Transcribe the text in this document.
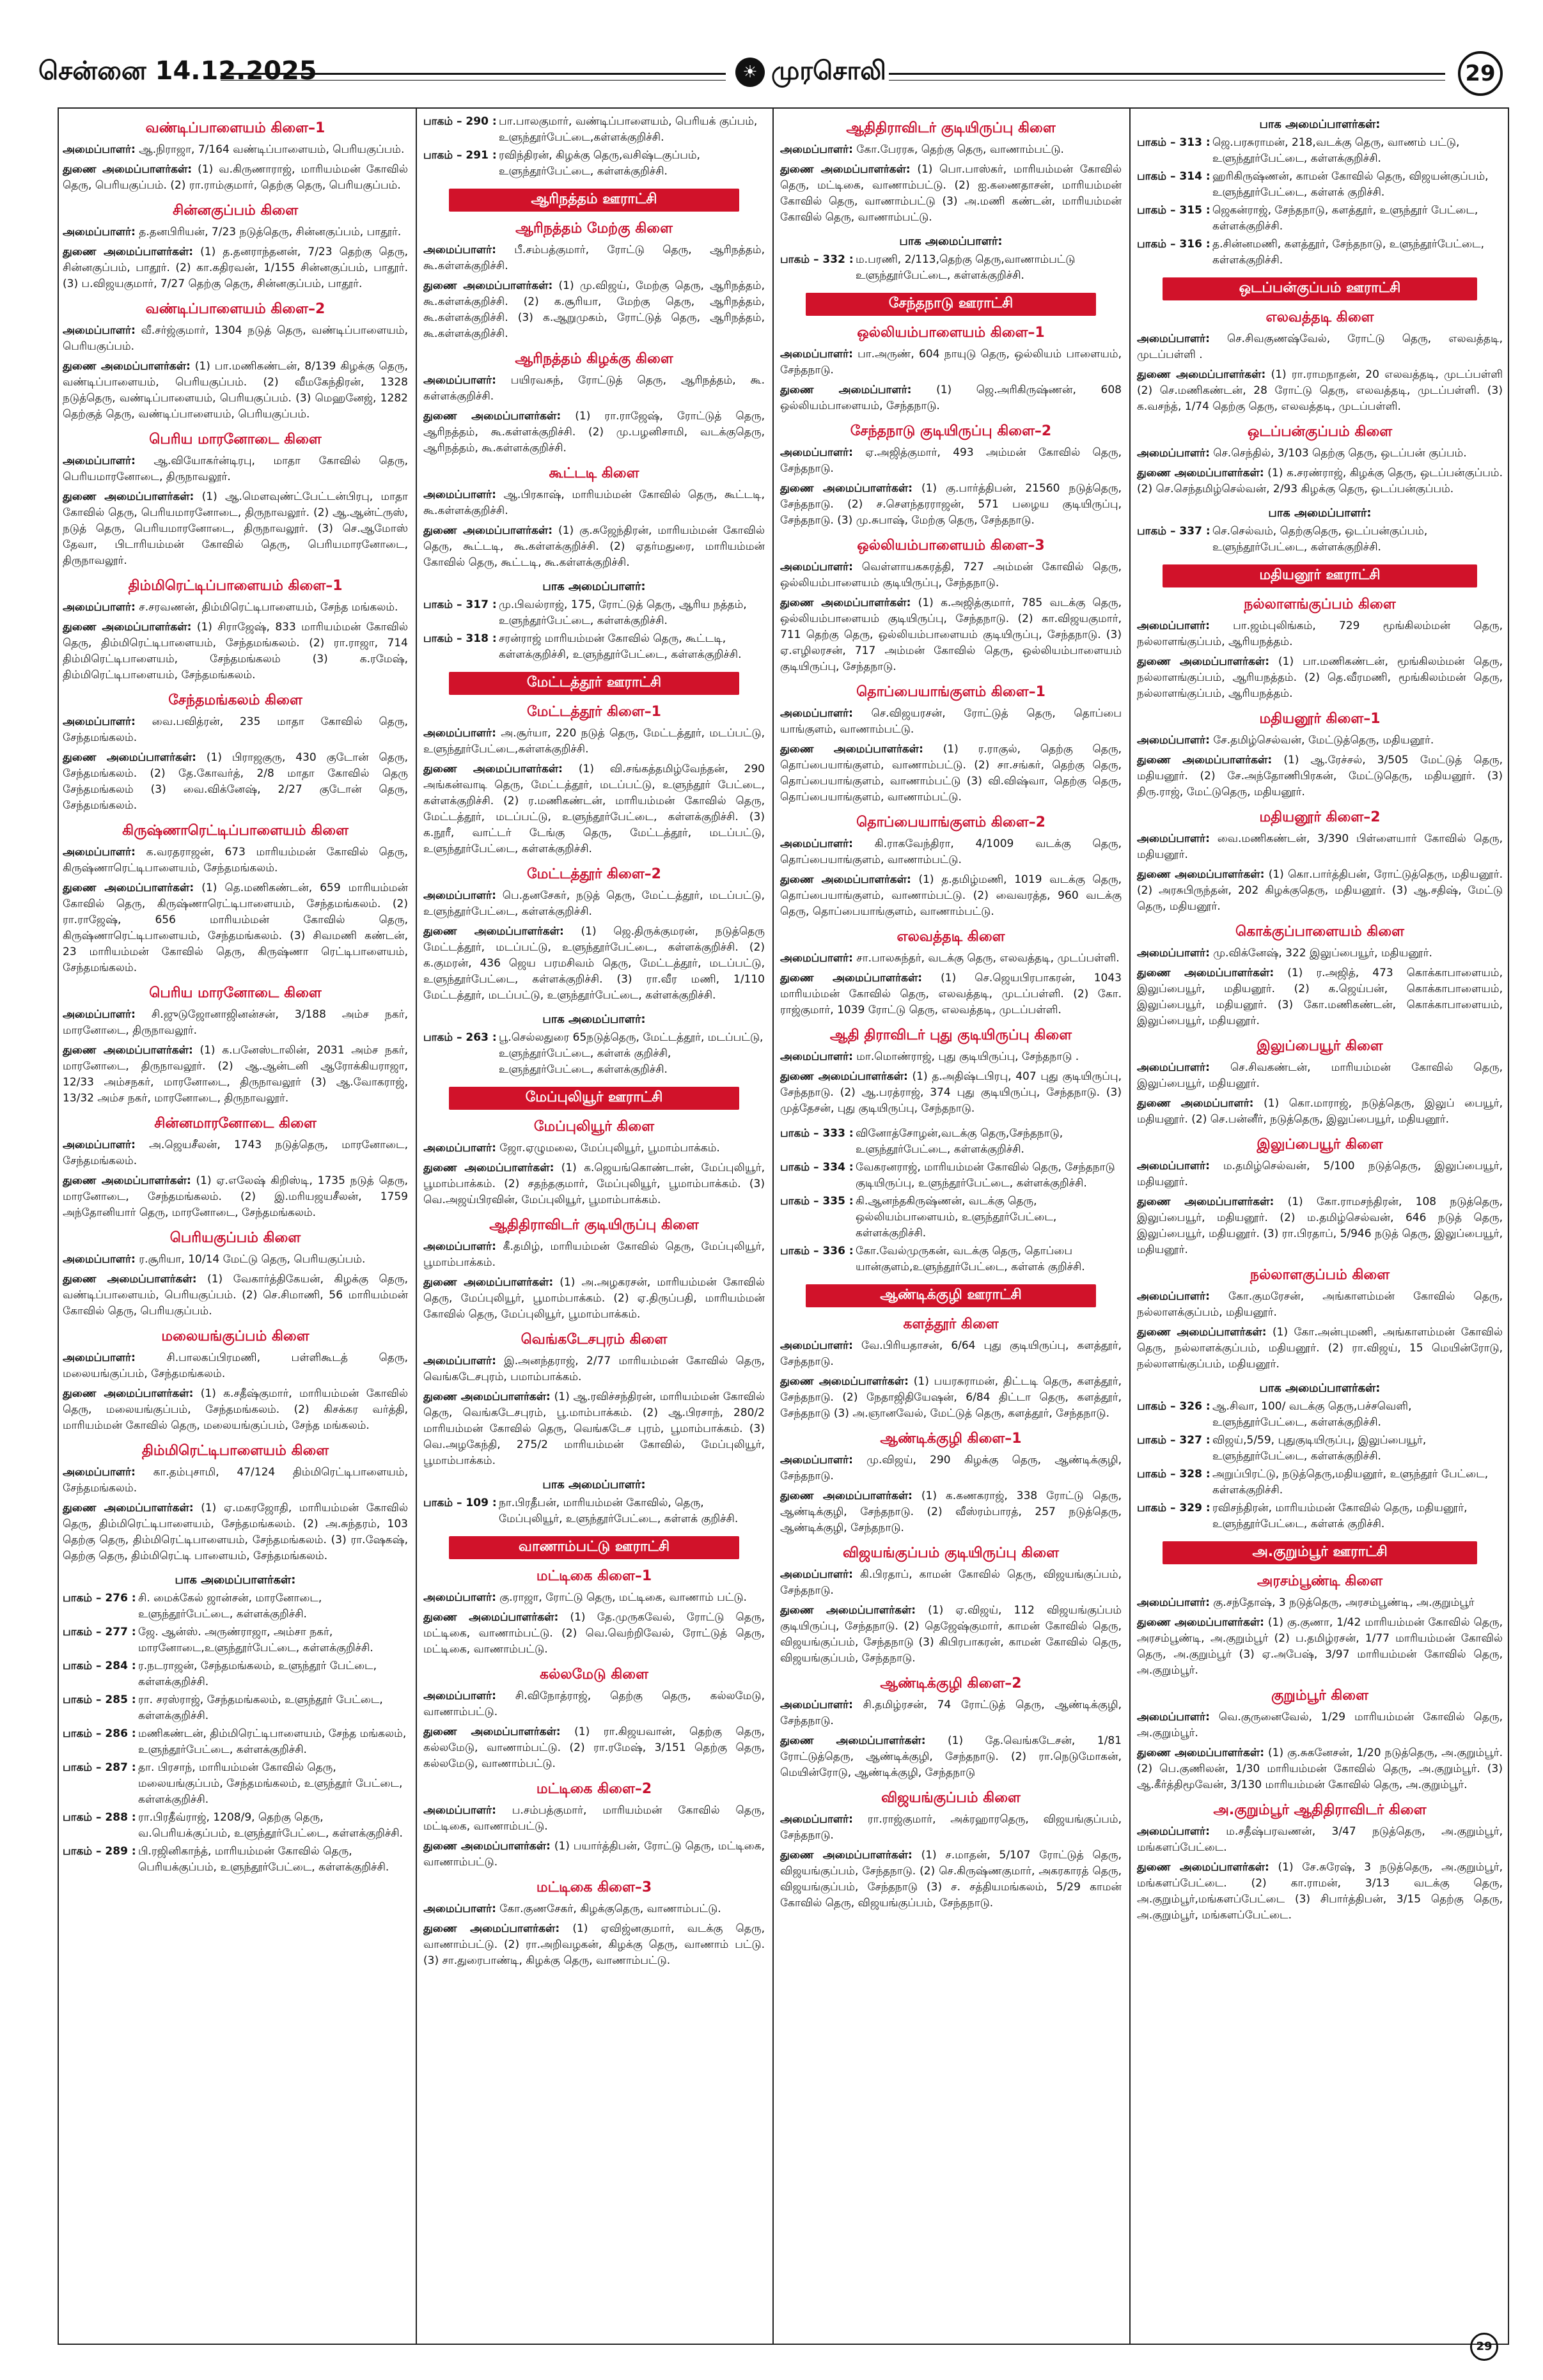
சென்னை 14.12.2025	☀ முரசொலி	29
வண்டிப்பாளையம் கிளை–1
அமைப்பாளர்: ஆ.நிராஜா, 7/164 வண்டிப்பாளையம், பெரியகுப்பம்.
துணை அமைப்பாளர்கள்: (1) வ.கிருணாராஜ், மாரியம்மன் கோவில் தெரு, பெரியகுப்பம். (2) ரா.ராம்குமார், தெற்கு தெரு, பெரியகுப்பம்.
சின்னகுப்பம் கிளை
அமைப்பாளர்: த.தனபிரியன், 7/23 நடுத்தெரு, சின்னகுப்பம், பாதூர்.
துணை அமைப்பாளர்கள்: (1) த.தனராந்தனன், 7/23 தெற்கு தெரு, சின்னகுப்பம், பாதூர். (2) கா.கதிரவன், 1/155 சின்னகுப்பம், பாதூர். (3) ப.விஜயகுமார், 7/27 தெற்கு தெரு, சின்னகுப்பம், பாதூர்.
வண்டிப்பாளையம் கிளை–2
அமைப்பாளர்: வீ.சர்ஜ்குமார், 1304 நடுத் தெரு, வண்டிப்பாளையம், பெரியகுப்பம்.
துணை அமைப்பாளர்கள்: (1) பா.மணிகண்டன், 8/139 கிழக்கு தெரு, வண்டிப்பாளையம், பெரியகுப்பம். (2) வீமகேந்திரன், 1328 நடுத்தெரு, வண்டிப்பாளையம், பெரியகுப்பம். (3) மெஹனேஜ், 1282 தெற்குத் தெரு, வண்டிப்பாளையம், பெரியகுப்பம்.
பெரிய மாரனோடை கிளை
அமைப்பாளர்: ஆ.வியோகர்ன்டிரபு, மாதா கோவில் தெரு, பெரியமாரனோடை, திருநாவலூர்.
துணை அமைப்பாளர்கள்: (1) ஆ.மெளவுண்ட்பேட்டன்பிரபு, மாதா கோவில் தெரு, பெரியமாரனோடை, திருநாவலூர். (2) ஆ.ஆன்ட்ருஸ், நடுத் தெரு, பெரியமாரனோடை, திருநாவலூர். (3) செ.ஆமோஸ் தேவா, பிடாரியம்மன் கோவில் தெரு, பெரியமாரனோடை, திருநாவலூர்.
திம்மிரெட்டிப்பாளையம் கிளை–1
அமைப்பாளர்: ச.சரவணன், திம்மிரெட்டிபாளையம், சேந்த மங்கலம்.
துணை அமைப்பாளர்கள்: (1) சிராஜேஷ், 833 மாரியம்மன் கோவில் தெரு, திம்மிரெட்டிபாளையம், சேந்தமங்கலம். (2) ரா.ராஜா, 714 திம்மிரெட்டிபாளையம், சேந்தமங்கலம் (3) க.ரமேஷ், திம்மிரெட்டிபாளையம், சேந்தமங்கலம்.
சேந்தமங்கலம் கிளை
அமைப்பாளர்: வை.பவித்ரன், 235 மாதா கோவில் தெரு, சேந்தமங்கலம்.
துணை அமைப்பாளர்கள்: (1) பிராஜகுரு, 430 குடோன் தெரு, சேந்தமங்கலம். (2) தே.கோவர்த், 2/8 மாதா கோவில் தெரு சேந்தமங்கலம் (3) வை.விக்னேஷ், 2/27 குடோன் தெரு, சேந்தமங்கலம்.
கிருஷ்ணாரெட்டிப்பாளையம் கிளை
அமைப்பாளர்: க.வரதராஜன், 673 மாரியம்மன் கோவில் தெரு, கிருஷ்ணாரெட்டிபாளையம், சேந்தமங்கலம்.
துணை அமைப்பாளர்கள்: (1) தெ.மணிகண்டன், 659 மாரியம்மன் கோவில் தெரு, கிருஷ்ணாரெட்டிபாளையம், சேந்தமங்கலம். (2) ரா.ராஜேஷ், 656 மாரியம்மன் கோவில் தெரு, கிருஷ்ணாரெட்டிபாளையம், சேந்தமங்கலம். (3) சிவமணி கண்டன், 23 மாரியம்மன் கோவில் தெரு, கிருஷ்ணா ரெட்டிபாளையம், சேந்தமங்கலம்.
பெரிய மாரனோடை கிளை
அமைப்பாளர்: சி.ஜுடுஜோனாஜினன்சன், 3/188 அம்ச நகர், மாரனோடை, திருநாவலூர்.
துணை அமைப்பாளர்கள்: (1) க.பனேஸ்டாலின், 2031 அம்ச நகர், மாரனோடை, திருநாவலூர். (2) ஆ.ஆன்டனி ஆரோக்கியராஜா, 12/33 அம்சநகர், மாரனோடை, திருநாவலூர் (3) ஆ.வோகராஜ், 13/32 அம்ச நகர், மாரனோடை, திருநாவலூர்.
சின்னமாரனோடை கிளை
அமைப்பாளர்: அ.ஜெயசீலன், 1743 நடுத்தெரு, மாரனோடை, சேந்தமங்கலம்.
துணை அமைப்பாளர்கள்: (1) ஏ.எலேஷ் கிறிஸ்டி, 1735 நடுத் தெரு, மாரனோடை, சேந்தமங்கலம். (2) இ.மரியஜயசீலன், 1759 அந்தோனியார் தெரு, மாரனோடை, சேந்தமங்கலம்.
பெரியகுப்பம் கிளை
அமைப்பாளர்: ர.சூரியா, 10/14 மேட்டு தெரு, பெரியகுப்பம்.
துணை அமைப்பாளர்கள்: (1) வேகார்த்திகேயன், கிழக்கு தெரு, வண்டிப்பாளையம், பெரியகுப்பம். (2) செ.சிமாணி, 56 மாரியம்மன் கோவில் தெரு, பெரியகுப்பம்.
மலையங்குப்பம் கிளை
அமைப்பாளர்:	சி.பாலகப்பிரமணி, பள்ளிகூடத் தெரு, மலையங்குப்பம், சேந்தமங்கலம்.
துணை அமைப்பாளர்கள்: (1) க.சதீஷ்குமார், மாரியம்மன் கோவில் தெரு, மலையங்குப்பம், சேந்தமங்கலம். (2) கிசக்கர வர்த்தி, மாரியம்மன் கோவில் தெரு, மலையங்குப்பம், சேந்த மங்கலம்.
திம்மிரெட்டிபாளையம் கிளை
அமைப்பாளர்: கா.தம்புசாமி, 47/124 திம்மிரெட்டிபாளையம், சேந்தமங்கலம்.
துணை அமைப்பாளர்கள்: (1) ஏ.மகரஜோதி, மாரியம்மன் கோவில் தெரு, திம்மிரெட்டிபாளையம், சேந்தமங்கலம். (2) அ.சுந்தரம், 103 தெற்கு தெரு, திம்மிரெட்டிபாளையம், சேந்தமங்கலம். (3) ரா.ஷேகஷ், தெற்கு தெரு, திம்மிரெட்டி பாளையம், சேந்தமங்கலம்.
பாக அமைப்பாளர்கள்:
பாகம் – 276 : சி. மைக்கேல் ஜான்சன், மாரனோடை, உளுந்தூர்பேட்டை, கள்ளக்குறிச்சி.
பாகம் – 277 : ஜே. ஆன்ஸ். அருண்ராஜா, அம்சா நகர், மாரனோடை,உளுந்தூர்பேட்டை, கள்ளக்குறிச்சி.
பாகம் – 284 : ர.நடராஜன், சேந்தமங்கலம், உளுந்தூர் பேட்டை, கள்ளக்குறிச்சி.
பாகம் – 285 : ரா. சரஸ்ராஜ், சேந்தமங்கலம், உளுந்தூர் பேட்டை, கள்ளக்குறிச்சி.
பாகம் – 286 : மணிகண்டன், திம்மிரெட்டிபாளையம், சேந்த மங்கலம், உளுந்தூர்பேட்டை, கள்ளக்குறிச்சி.
பாகம் – 287 : தா. பிரசாந், மாரியம்மன் கோவில் தெரு, மலையங்குப்பம், சேந்தமங்கலம், உளுந்தூர் பேட்டை, கள்ளக்குறிச்சி.
பாகம் – 288 : ரா.பிரதீவ்ராஜ், 1208/9, தெற்கு தெரு, வ.பெரியக்குப்பம், உளுந்தூர்பேட்டை, கள்ளக்குறிச்சி.
பாகம் – 289 : பி.ரஜினிகாந்த், மாரியம்மன் கோவில் தெரு, பெரியக்குப்பம், உளுந்தூர்பேட்டை, கள்ளக்குறிச்சி.
பாகம் – 290 : பா.பாலகுமார், வண்டிப்பாளையம், பெரியக் குப்பம், உளுந்தூர்பேட்டை,கள்ளக்குறிச்சி.
பாகம் – 291 : ரவிந்திரன், கிழக்கு தெரு,வசிஷ்டகுப்பம், உளுந்தூர்பேட்டை, கள்ளக்குறிச்சி.
ஆரிநத்தம் ஊராட்சி
ஆரிநத்தம் மேற்கு கிளை
அமைப்பாளர்: பீ.சம்பத்குமார், ரோட்டு தெரு, ஆரிநத்தம், கூ.கள்ளக்குறிச்சி.
துணை அமைப்பாளர்கள்: (1) மு.விஜய், மேற்கு தெரு, ஆரிநத்தம், கூ.கள்ளக்குறிச்சி. (2) க.சூரியா, மேற்கு தெரு, ஆரிநத்தம், கூ.கள்ளக்குறிச்சி. (3) க.ஆறுமுகம், ரோட்டுத் தெரு, ஆரிநத்தம், கூ.கள்ளக்குறிச்சி.
ஆரிநத்தம் கிழக்கு கிளை
அமைப்பாளர்: பயிரவசுந், ரோட்டுத் தெரு, ஆரிநத்தம், கூ. கள்ளக்குறிச்சி.
துணை அமைப்பாளர்கள்: (1) ரா.ராஜேஷ், ரோட்டுத் தெரு, ஆரிநத்தம், கூ.கள்ளக்குறிச்சி. (2) மு.பழனிசாமி, வடக்குதெரு, ஆரிநத்தம், கூ.கள்ளக்குறிச்சி.
கூட்டடி கிளை
அமைப்பாளர்: ஆ.பிரகாஷ், மாரியம்மன் கோவில் தெரு, கூட்டடி, கூ.கள்ளக்குறிச்சி.
துணை அமைப்பாளர்கள்: (1) கு.சுஜேந்திரன், மாரியம்மன் கோவில் தெரு, கூட்டடி, கூ.கள்ளக்குறிச்சி. (2) ஏதர்மதுரை, மாரியம்மன் கோவில் தெரு, கூட்டடி, கூ.கள்ளக்குறிச்சி.
பாக அமைப்பாளர்:
பாகம் – 317 : மு.பிவல்ராஜ், 175, ரோட்டுத் தெரு, ஆரிய நத்தம், உளுந்தூர்பேட்டை, கள்ளக்குறிச்சி.
பாகம் – 318 : சரன்ராஜ் மாரியம்மன் கோவில் தெரு, கூட்டடி, கள்ளக்குறிச்சி, உளுந்தூர்பேட்டை, கள்ளக்குறிச்சி.
மேட்டத்தூர் ஊராட்சி
மேட்டத்தூர் கிளை–1
அமைப்பாளர்: அ.சூர்யா, 220 நடுத் தெரு, மேட்டத்தூர், மடப்பட்டு, உளுந்தூர்பேட்டை,கள்ளக்குறிச்சி.
துணை அமைப்பாளர்கள்: (1) வி.சங்கத்தமிழ்வேந்தன், 290 அங்கன்வாடி தெரு, மேட்டத்தூர், மடப்பட்டு, உளுந்தூர் பேட்டை, கள்ளக்குறிச்சி. (2) ர.மணிகண்டன், மாரியம்மன் கோவில் தெரு, மேட்டத்தூர், மடப்பட்டு, உளுந்தூர்பேட்டை, கள்ளக்குறிச்சி. (3) க.நூரீ, வாட்டர் டேங்கு தெரு, மேட்டத்தூர், மடப்பட்டு, உளுந்தூர்பேட்டை, கள்ளக்குறிச்சி.
மேட்டத்தூர் கிளை–2
அமைப்பாளர்: பெ.தனசேகர், நடுத் தெரு, மேட்டத்தூர், மடப்பட்டு, உளுந்தூர்பேட்டை, கள்ளக்குறிச்சி.
துணை அமைப்பாளர்கள்: (1) ஜெ.திருக்குமரன், நடுத்தெரு மேட்டத்தூர், மடப்பட்டு, உளுந்தூர்பேட்டை, கள்ளக்குறிச்சி. (2) க.குமரன், 436 ஜெய பரமசிவம் தெரு, மேட்டத்தூர், மடப்பட்டு, உளுந்தூர்பேட்டை, கள்ளக்குறிச்சி. (3) ரா.வீர மணி, 1/110 மேட்டத்தூர், மடப்பட்டு, உளுந்தூர்பேட்டை, கள்ளக்குறிச்சி.
பாக அமைப்பாளர்:
பாகம் – 263 : பூ.செல்லதுரை 65நடுத்தெரு, மேட்டத்தூர், மடப்பட்டு, உளுந்தூர்பேட்டை, கள்ளக் குறிச்சி, உளுந்தூர்பேட்டை, கள்ளக்குறிச்சி.
மேப்புலியூர் ஊராட்சி
மேப்புலியூர் கிளை
அமைப்பாளர்: ஜோ.ஏழுமலை, மேப்புலியூர், பூமாம்பாக்கம்.
துணை அமைப்பாளர்கள்: (1) க.ஜெயங்கொண்டான், மேப்புலியூர், பூமாம்பாக்கம். (2) சதந்தகுமார், மேப்புலியூர், பூமாம்பாக்கம். (3) வெ.அஜய்பிரவின், மேப்புலியூர், பூமாம்பாக்கம்.
ஆதிதிராவிடர் குடியிருப்பு கிளை
அமைப்பாளர்: கீ.தமிழ், மாரியம்மன் கோவில் தெரு, மேப்புலியூர், பூமாம்பாக்கம்.
துணை அமைப்பாளர்கள்: (1) அ.அழகரசன், மாரியம்மன் கோவில் தெரு, மேப்புலியூர், பூமாம்பாக்கம். (2) ஏ.திருப்பதி, மாரியம்மன் கோவில் தெரு, மேப்புலியூர், பூமாம்பாக்கம்.
வெங்கடேசபுரம் கிளை
அமைப்பாளர்: இ.அனந்தராஜ், 2/77 மாரியம்மன் கோவில் தெரு, வெங்கடேசபுரம், பமாம்பாக்கம்.
துணை அமைப்பாளர்கள்: (1) ஆ.ரவிச்சந்திரன், மாரியம்மன் கோவில் தெரு, வெங்கடேசபுரம், பூ.மாம்பாக்கம். (2) ஆ.பிரசாந், 280/2 மாரியம்மன் கோவில் தெரு, வெங்கடேச புரம், பூமாம்பாக்கம். (3) வெ.அழகேந்தி, 275/2 மாரியம்மன் கோவில், மேப்புலியூர், பூமாம்பாக்கம்.
பாக அமைப்பாளர்:
பாகம் – 109 : நா.பிரதீபன், மாரியம்மன் கோவில், தெரு, மேப்புலியூர், உளுந்தூர்பேட்டை, கள்ளக் குறிச்சி.
வாணாம்பட்டு ஊராட்சி
மட்டிகை கிளை–1
அமைப்பாளர்: கு.ராஜா, ரோட்டு தெரு, மட்டிகை, வாணாம் பட்டு.
துணை அமைப்பாளர்கள்: (1) தே.முருகவேல், ரோட்டு தெரு, மட்டிகை, வாணாம்பட்டு. (2) வெ.வெற்றிவேல், ரோட்டுத் தெரு, மட்டிகை, வாணாம்பட்டு.
கல்லமேடு கிளை
அமைப்பாளர்: சி.விநோத்ராஜ், தெற்கு தெரு, கல்லமேடு, வாணாம்பட்டு.
துணை அமைப்பாளர்கள்: (1) ரா.கிஜயவான், தெற்கு தெரு, கல்லமேடு, வாணாம்பட்டு. (2) ரா.ரமேஷ், 3/151 தெற்கு தெரு, கல்லமேடு, வாணாம்பட்டு.
மட்டிகை கிளை–2
அமைப்பாளர்: ப.சம்பத்குமார், மாரியம்மன் கோவில் தெரு, மட்டிகை, வாணாம்பட்டு.
துணை அமைப்பாளர்கள்: (1) பயார்த்திபன், ரோட்டு தெரு, மட்டிகை, வாணாம்பட்டு.
மட்டிகை கிளை–3
அமைப்பாளர்: கோ.குணசேகர், கிழக்குதெரு, வாணாம்பட்டு.
துணை அமைப்பாளர்கள்: (1) ஏவிஜ்னகுமார், வடக்கு தெரு, வாணாம்பட்டு. (2) ரா.அறிவழகன், கிழக்கு தெரு, வாணாம் பட்டு. (3) சா.துரைபாண்டி, கிழக்கு தெரு, வாணாம்பட்டு.
ஆதிதிராவிடர் குடியிருப்பு கிளை
அமைப்பாளர்: கோ.பேரரசு, தெற்கு தெரு, வாணாம்பட்டு.
துணை அமைப்பாளர்கள்: (1) பொ.பாஸ்கர், மாரியம்மன் கோவில் தெரு, மட்டிகை, வாணாம்பட்டு. (2) ஐ.கணைதாசன், மாரியம்மன் கோவில் தெரு, வாணாம்பட்டு (3) அ.மணி கண்டன், மாரியம்மன் கோவில் தெரு, வாணாம்பட்டு.
பாக அமைப்பாளர்:
பாகம் – 332 : ம.பரணி, 2/113,தெற்கு தெரு,வாணாம்பட்டு உளுந்தூர்பேட்டை, கள்ளக்குறிச்சி.
சேந்தநாடு ஊராட்சி
ஒல்லியம்பாளையம் கிளை–1
அமைப்பாளர்: பா.அருண், 604 நாயுடு தெரு, ஒல்லியம் பாளையம், சேந்தநாடு.
துணை அமைப்பாளர்: (1) ஜெ.அரிகிருஷ்ணன், 608 ஒல்லியம்பாளையம், சேந்தநாடு.
சேந்தநாடு குடியிருப்பு கிளை–2
அமைப்பாளர்: ஏ.அஜித்குமார், 493 அம்மன் கோவில் தெரு, சேந்தநாடு.
துணை அமைப்பாளர்கள்: (1) கு.பார்த்திபன், 21560 நடுத்தெரு, சேந்தநாடு. (2) ச.செளந்தரராஜன், 571 பழைய குடியிருப்பு, சேந்தநாடு. (3) மு.சுபாஷ், மேற்கு தெரு, சேந்தநாடு.
ஒல்லியம்பாளையம் கிளை–3
அமைப்பாளர்: வெள்ளாயகசுரத்தி, 727 அம்மன் கோவில் தெரு, ஒல்லியம்பாளையம் குடியிருப்பு, சேந்தநாடு.
துணை அமைப்பாளர்கள்: (1) க.அஜித்குமார், 785 வடக்கு தெரு, ஒல்லியம்பாளையம் குடியிருப்பு, சேந்தநாடு. (2) கா.விஜயகுமார், 711 தெற்கு தெரு, ஒல்லியம்பாளையம் குடியிருப்பு, சேந்தநாடு. (3) ஏ.எழிலரசன், 717 அம்மன் கோவில் தெரு, ஒல்லியம்பாளையம் குடியிருப்பு, சேந்தநாடு.
தொப்பையாங்குளம் கிளை–1
அமைப்பாளர்: செ.விஜயரசன், ரோட்டுத் தெரு, தொப்பை யாங்குளம், வாணாம்பட்டு.
துணை அமைப்பாளர்கள்: (1) ர.ராகுல், தெற்கு தெரு, தொப்பையாங்குளம், வாணாம்பட்டு. (2) சா.சங்கர், தெற்கு தெரு, தொப்பையாங்குளம், வாணாம்பட்டு (3) வி.விஷ்வா, தெற்கு தெரு, தொப்பையாங்குளம், வாணாம்பட்டு.
தொப்பையாங்குளம் கிளை–2
அமைப்பாளர்: கி.ராகவேந்திரா, 4/1009 வடக்கு தெரு, தொப்பையாங்குளம், வாணாம்பட்டு.
துணை அமைப்பாளர்கள்: (1) த.தமிழ்மணி, 1019 வடக்கு தெரு, தொப்பையாங்குளம், வாணாம்பட்டு. (2) வைவரத்த, 960 வடக்கு தெரு, தொப்பையாங்குளம், வாணாம்பட்டு.
எலவத்தடி கிளை
அமைப்பாளர்: சா.பாலசுந்தர், வடக்கு தெரு, எலவத்தடி, முடப்பள்ளி.
துணை அமைப்பாளர்கள்: (1) செ.ஜெயபிரபாகரன், 1043 மாரியம்மன் கோவில் தெரு, எலவத்தடி, முடப்பள்ளி. (2) கோ. ராஜ்குமார், 1039 ரோட்டு தெரு, எலவத்தடி, முடப்பள்ளி.
ஆதி திராவிடர் புது குடியிருப்பு கிளை
அமைப்பாளர்: மா.மொண்ராஜ், புது குடியிருப்பு, சேந்தநாடு .
துணை அமைப்பாளர்கள்: (1) த.அதிஷ்டபிரபு, 407 புது குடியிருப்பு, சேந்தநாடு. (2) ஆ.பரத்ராஜ், 374 புது குடியிருப்பு, சேந்தநாடு. (3) முத்தேசன், புது குடியிருப்பு, சேந்தநாடு.
பாகம் – 333 : வினோத்சோழன்,வடக்கு தெரு,சேந்தநாடு, உளுந்தூர்பேட்டை, கள்ளக்குறிச்சி.
பாகம் – 334 : வேகரனராஜ், மாரியம்மன் கோவில் தெரு, சேந்தநாடு குடியிருப்பு, உளுந்தூர்பேட்டை, கள்ளக்குறிச்சி.
பாகம் – 335 : கி.ஆனந்தகிருஷ்ணன், வடக்கு தெரு, ஒல்லியம்பாளையம், உளுந்தூர்பேட்டை, கள்ளக்குறிச்சி.
பாகம் – 336 : கோ.வேல்முருகன், வடக்கு தெரு, தொப்பை யான்குளம்,உளுந்தூர்பேட்டை, கள்ளக் குறிச்சி.
ஆண்டிக்குழி ஊராட்சி
களத்தூர் கிளை
அமைப்பாளர்: வே.பிரியதாசன், 6/64 புது குடியிருப்பு, களத்தூர், சேந்தநாடு.
துணை அமைப்பாளர்கள்: (1) பயரசுராமன், திட்டடி தெரு, களத்தூர், சேந்தநாடு. (2) நேதாஜிதியேஷன், 6/84 திட்டா தெரு, களத்தூர், சேந்தநாடு (3) அ.ஞானவேல், மேட்டுத் தெரு, களத்தூர், சேந்தநாடு.
ஆண்டிக்குழி கிளை–1
அமைப்பாளர்: மு.விஜய், 290 கிழக்கு தெரு, ஆண்டிக்குழி, சேந்தநாடு.
துணை அமைப்பாளர்கள்: (1) க.கணகராஜ், 338 ரோட்டு தெரு, ஆண்டிக்குழி, சேந்தநாடு. (2) வீஸ்ரம்பாரத், 257 நடுத்தெரு, ஆண்டிக்குழி, சேந்தநாடு.
விஜயங்குப்பம் குடியிருப்பு கிளை
அமைப்பாளர்: கி.பிரதாப், காமன் கோவில் தெரு, விஜயங்குப்பம், சேந்தநாடு.
துணை அமைப்பாளர்கள்: (1) ஏ.விஜய், 112 விஜயங்குப்பம் குடியிருப்பு, சேந்தநாடு. (2) தெஜேஷ்குமார், காமன் கோவில் தெரு, விஜயங்குப்பம், சேந்தநாடு (3) கிபிரபாகரன், காமன் கோவில் தெரு, விஜயங்குப்பம், சேந்தநாடு.
ஆண்டிக்குழி கிளை–2
அமைப்பாளர்: சி.தமிழ்ரசன், 74 ரோட்டுத் தெரு, ஆண்டிக்குழி, சேந்தநாடு.
துணை அமைப்பாளர்கள்: (1) தே.வெங்கடேசன், 1/81 ரோட்டுத்தெரு, ஆண்டிக்குழி, சேந்தநாடு. (2) ரா.நெடுமோகன், மெயின்ரோடு, ஆண்டிக்குழி, சேந்தநாடு
விஜயங்குப்பம் கிளை
அமைப்பாளர்: ரா.ராஜ்குமார், அக்ரஹாரதெரு, விஜயங்குப்பம், சேந்தநாடு.
துணை அமைப்பாளர்கள்: (1) ச.மாதன், 5/107 ரோட்டுத் தெரு, விஜயங்குப்பம், சேந்தநாடு. (2) செ.கிருஷ்ணகுமார், அகரகாரத் தெரு, விஜயங்குப்பம், சேந்தநாடு (3) ச. சத்தியமங்கலம், 5/29 காமன் கோவில் தெரு, விஜயங்குப்பம், சேந்தநாடு.
பாக அமைப்பாளர்கள்:
பாகம் – 313 : ஜெ.பரசுராமன், 218,வடக்கு தெரு, வாணம் பட்டு, உளுந்தூர்பேட்டை, கள்ளக்குறிச்சி.
பாகம் – 314 : ஹரிகிருஷ்ணன், காமன் கோவில் தெரு, விஜயன்குப்பம், உளுந்தூர்பேட்டை, கள்ளக் குறிச்சி.
பாகம் – 315 : ஜெகன்ராஜ், சேந்தநாடு, களத்தூர், உளுந்தூர் பேட்டை, கள்ளக்குறிச்சி.
பாகம் – 316 : த.சின்னமணி, களத்தூர், சேந்தநாடு, உளுந்தூர்பேட்டை, கள்ளக்குறிச்சி.
ஒடப்பன்குப்பம் ஊராட்சி
எலவத்தடி கிளை
அமைப்பாளர்: செ.சிவகுணஷ்வேல், ரோட்டு தெரு, எலவத்தடி, முடப்பள்ளி .
துணை அமைப்பாளர்கள்: (1) ரா.ராமநாதன், 20 எலவத்தடி, முடப்பள்ளி (2) செ.மணிகண்டன், 28 ரோட்டு தெரு, எலவத்தடி, முடப்பள்ளி. (3) க.வசந்த், 1/74 தெற்கு தெரு, எலவத்தடி, முடப்பள்ளி.
ஒடப்பன்குப்பம் கிளை
அமைப்பாளர்: செ.செந்தில், 3/103 தெற்கு தெரு, ஒடப்பன் குப்பம்.
துணை அமைப்பாளர்கள்: (1) க.சரண்ராஜ், கிழக்கு தெரு, ஒடப்பன்குப்பம். (2) செ.செந்தமிழ்செல்வன், 2/93 கிழக்கு தெரு, ஒடப்பன்குப்பம்.
பாக அமைப்பாளர்:
பாகம் – 337 : செ.செல்வம், தெற்குதெரு, ஒடப்பன்குப்பம், உளுந்தூர்பேட்டை, கள்ளக்குறிச்சி.
மதியனூர் ஊராட்சி
நல்லாளங்குப்பம் கிளை
அமைப்பாளர்: பா.ஜம்புலிங்கம், 729 மூங்கிலம்மன் தெரு, நல்லாளங்குப்பம், ஆரியநத்தம்.
துணை அமைப்பாளர்கள்: (1) பா.மணிகண்டன், மூங்கிலம்மன் தெரு, நல்லாளங்குப்பம், ஆரியநத்தம். (2) தெ.வீரமணி, மூங்கிலம்மன் தெரு, நல்லாளங்குப்பம், ஆரியநத்தம்.
மதியனூர் கிளை–1
அமைப்பாளர்: சே.தமிழ்செல்வன், மேட்டுத்தெரு, மதியனூர்.
துணை அமைப்பாளர்கள்: (1) ஆ.ரேச்சல், 3/505 மேட்டுத் தெரு, மதியனூர். (2) சே.அந்தோணிபிரகன், மேட்டுதெரு, மதியனூர். (3) திரு.ராஜ், மேட்டுதெரு, மதியனூர்.
மதியனூர் கிளை–2
அமைப்பாளர்: வை.மணிகண்டன், 3/390 பிள்ளையார் கோவில் தெரு, மதியனூர்.
துணை அமைப்பாளர்கள்: (1) கொ.பார்த்திபன், ரோட்டுத்தெரு, மதியனூர். (2) அரசுபிருந்தன், 202 கிழக்குதெரு, மதியனூர். (3) ஆ.சதிஷ், மேட்டு தெரு, மதியனூர்.
கொக்குப்பாளையம் கிளை
அமைப்பாளர்: மு.விக்னேஷ், 322 இலுப்பையூர், மதியனூர்.
துணை அமைப்பாளர்கள்: (1) ர.அஜித், 473 கொக்காபாளையம், இலுப்பையூர், மதியனூர். (2) க.ஜெய்பன், கொக்காபாளையம், இலுப்பையூர், மதியனூர். (3) கோ.மணிகண்டன், கொக்காபாளையம், இலுப்பையூர், மதியனூர்.
இலுப்பையூர் கிளை
அமைப்பாளர்: செ.சிவகண்டன், மாரியம்மன் கோவில் தெரு, இலுப்பையூர், மதியனூர்.
துணை அமைப்பாளர்: (1) கொ.மாராஜ், நடுத்தெரு, இலுப் பையூர், மதியனூர். (2) செ.பன்னீர், நடுத்தெரு, இலுப்பையூர், மதியனூர்.
இலுப்பையூர் கிளை
அமைப்பாளர்: ம.தமிழ்செல்வன், 5/100 நடுத்தெரு, இலுப்பையூர், மதியனூர்.
துணை அமைப்பாளர்கள்: (1) கோ.ராமசந்திரன், 108 நடுத்தெரு, இலுப்பையூர், மதியனூர். (2) ம.தமிழ்செல்வன், 646 நடுத் தெரு, இலுப்பையூர், மதியனூர். (3) ரா.பிரதாப், 5/946 நடுத் தெரு, இலுப்பையூர், மதியனூர்.
நல்லாளகுப்பம் கிளை
அமைப்பாளர்: கோ.குமரேசன், அங்காளம்மன் கோவில் தெரு, நல்லாளக்குப்பம், மதியனூர்.
துணை அமைப்பாளர்கள்: (1) கோ.அன்புமணி, அங்காளம்மன் கோவில் தெரு, நல்லாளக்குப்பம், மதியனூர். (2) ரா.விஜய், 15 மெயின்ரோடு, நல்லாளங்குப்பம், மதியனூர்.
பாக அமைப்பாளர்கள்:
பாகம் – 326 : ஆ.சிவா, 100/ வடக்கு தெரு,பச்சவெளி, உளுந்தூர்பேட்டை, கள்ளக்குறிச்சி.
பாகம் – 327 : விஜய்,5/59, புதுகுடியிருப்பு, இலுப்பையூர், உளுந்தூர்பேட்டை, கள்ளக்குறிச்சி.
பாகம் – 328 : அறுப்பிரட்டு, நடுத்தெரு,மதியனூர், உளுந்தூர் பேட்டை, கள்ளக்குறிச்சி.
பாகம் – 329 : ரவிசந்திரன், மாரியம்மன் கோவில் தெரு, மதியனூர், உளுந்தூர்பேட்டை, கள்ளக் குறிச்சி.
அ.குறும்பூர் ஊராட்சி
அரசம்பூண்டி கிளை
அமைப்பாளர்: கு.சந்தோஷ், 3 நடுத்தெரு, அரசம்பூண்டி, அ.குறும்பூர்
துணை அமைப்பாளர்கள்: (1) கு.குணா, 1/42 மாரியம்மன் கோவில் தெரு, அரசம்பூண்டி, அ.குறும்பூர் (2) ப.தமிழ்ரசன், 1/77 மாரியம்மன் கோவில் தெரு, அ.குறும்பூர் (3) ஏ.அபேஷ், 3/97 மாரியம்மன் கோவில் தெரு, அ.குறும்பூர்.
குறும்பூர் கிளை
அமைப்பாளர்: வெ.குருனைவேல், 1/29 மாரியம்மன் கோவில் தெரு, அ.குறும்பூர்.
துணை அமைப்பாளர்கள்: (1) கு.சுகனேசன், 1/20 நடுத்தெரு, அ.குறும்பூர். (2) பெ.குணிலன், 1/30 மாரியம்மன் கோவில் தெரு, அ.குறும்பூர். (3) ஆ.கீர்த்திமூவேன், 3/130 மாரியம்மன் கோவில் தெரு, அ.குறும்பூர்.
அ.குறும்பூர் ஆதிதிராவிடர் கிளை
அமைப்பாளர்: ம.சதீஷ்பரவணன், 3/47 நடுத்தெரு, அ.குறும்பூர், மங்களப்பேட்டை.
துணை அமைப்பாளர்கள்: (1) சே.சுரேஷ், 3 நடுத்தெரு, அ.குறும்பூர், மங்களப்பேட்டை. (2) கா.ராமன், 3/13 வடக்கு தெரு, அ.குறும்பூர்,மங்களப்பேட்டை (3) சிபார்த்திபன், 3/15 தெற்கு தெரு, அ.குறும்பூர், மங்களப்பேட்டை.
29
